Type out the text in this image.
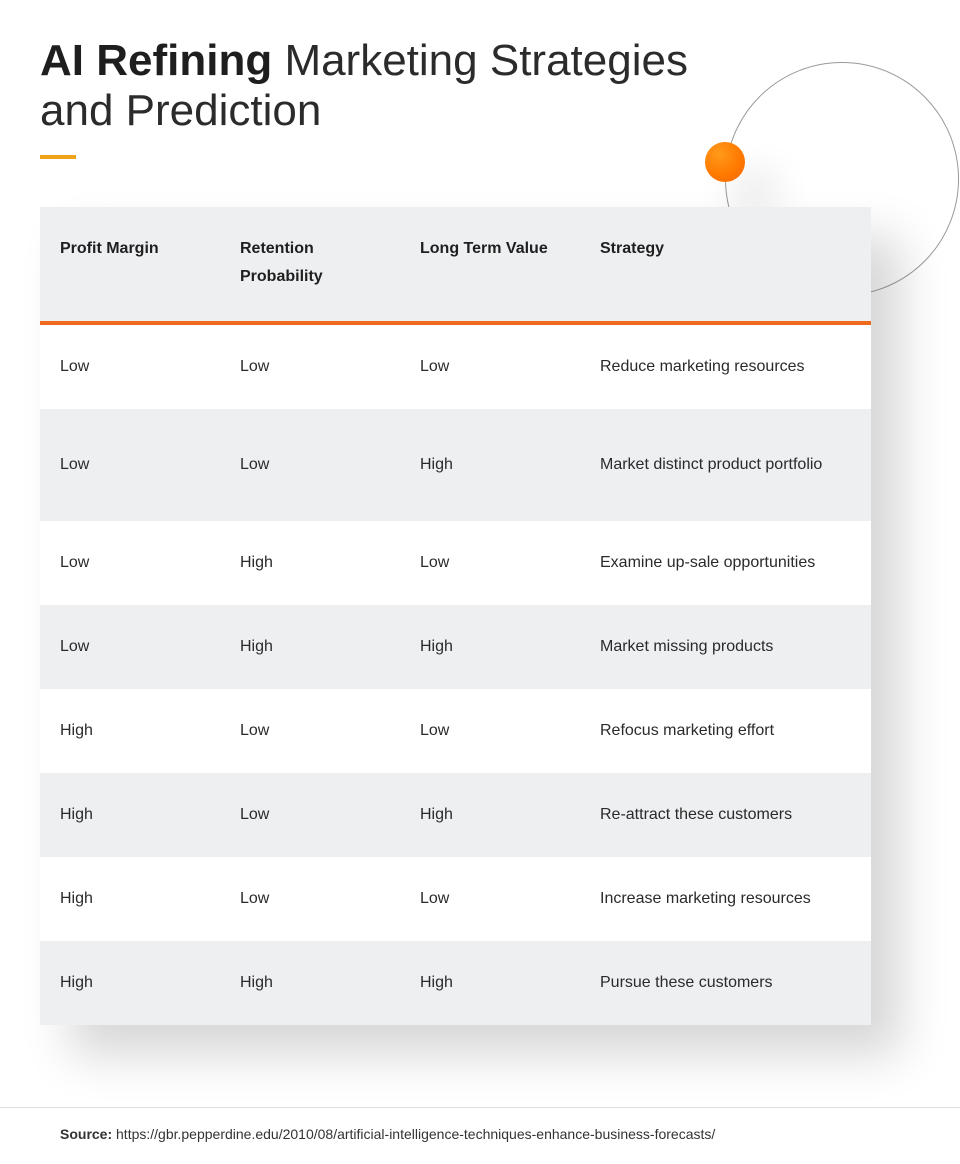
AI Refining Marketing Strategies and Prediction
Profit Margin	Retention Probability	Long Term Value	Strategy
Low	Low	Low	Reduce marketing resources
Low	Low	High	Market distinct product portfolio
Low	High	Low	Examine up-sale opportunities
Low	High	High	Market missing products
High	Low	Low	Refocus marketing effort
High	Low	High	Re-attract these customers
High	Low	Low	Increase marketing resources
High	High	High	Pursue these customers
Source: https://gbr.pepperdine.edu/2010/08/artificial-intelligence-techniques-enhance-business-forecasts/
